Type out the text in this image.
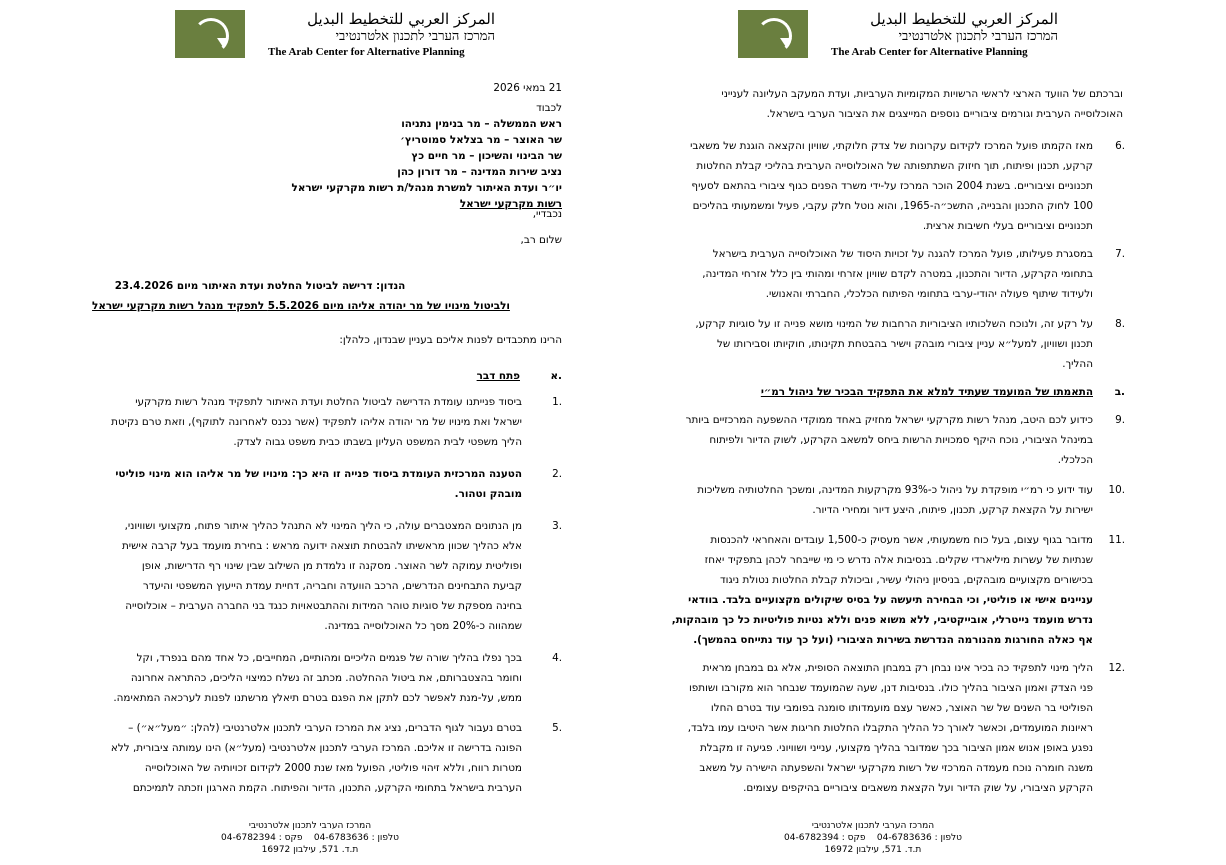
المركز العربي للتخطيط البديل
המרכז הערבי לתכנון אלטרנטיבי
The Arab Center for Alternative Planning
21 במאי 2026
לכבוד
ראש הממשלה – מר בנימין נתניהו
שר האוצר – מר בצלאל סמוטריץ׳
שר הבינוי והשיכון – מר חיים כץ
נציב שירות המדינה – מר דורון כהן
יו״ר ועדת האיתור למשרת מנהל/ת רשות מקרקעי ישראל
רשות מקרקעי ישראל
נכבדיי,
שלום רב,
הנדון: דרישה לביטול החלטת ועדת האיתור מיום 23.4.2026
ולביטול מינויו של מר יהודה אליהו מיום 5.5.2026 לתפקיד מנהל רשות מקרקעי ישראל
הרינו מתכבדים לפנות אליכם בעניין שבנדון, כלהלן:
א.
פתח דבר
1.
ביסוד פנייתנו עומדת הדרישה לביטול החלטת ועדת האיתור לתפקיד מנהל רשות מקרקעי
ישראל ואת מינויו של מר יהודה אליהו לתפקיד (אשר נכנס לאחרונה לתוקף), וזאת טרם נקיטת
הליך משפטי לבית המשפט העליון בשבתו כבית משפט גבוה לצדק.
2.
הטענה המרכזית העומדת ביסוד פנייה זו היא כך: מינויו של מר אליהו הוא מינוי פוליטי
מובהק וטהור.
3.
מן הנתונים המצטברים עולה, כי הליך המינוי לא התנהל כהליך איתור פתוח, מקצועי ושוויוני,
אלא כהליך שכוון מראשיתו להבטחת תוצאה ידועה מראש : בחירת מועמד בעל קרבה אישית
ופוליטית עמוקה לשר האוצר. מסקנה זו נלמדת מן השילוב שבין שינוי רף הדרישות, אופן
קביעת התבחינים הנדרשים, הרכב הוועדה וחבריה, דחיית עמדת הייעוץ המשפטי והיעדר
בחינה מספקת של סוגיות טוהר המידות וההתבטאויות כנגד בני החברה הערבית – אוכלוסייה
שמהווה כ-20% מסך כל האוכלוסייה במדינה.
4.
בכך נפלו בהליך שורה של פגמים הליכיים ומהותיים, המחייבים, כל אחד מהם בנפרד, וקל
וחומר בהצטברותם, את ביטול ההחלטה. מכתב זה נשלח כמיצוי הליכים, כהתראה אחרונה
ממש, על-מנת לאפשר לכם לתקן את הפגם בטרם תיאלץ מרשתנו לפנות לערכאה המתאימה.
5.
בטרם נעבור לגוף הדברים, נציג את המרכז הערבי לתכנון אלטרנטיבי (להלן: ״מעל״א״) –
הפונה בדרישה זו אליכם. המרכז הערבי לתכנון אלטרנטיבי (מעל״א) הינו עמותה ציבורית, ללא
מטרות רווח, וללא זיהוי פוליטי, הפועל מאז שנת 2000 לקידום זכויותיה של האוכלוסייה
הערבית בישראל בתחומי הקרקע, התכנון, הדיור והפיתוח. הקמת הארגון וזכתה לתמיכתם
המרכז הערבי לתכנון אלטרנטיבי
טלפון : 04-6783636    פקס : 04-6782394
ת.ד. 571, עילבון 16972
المركز العربي للتخطيط البديل
המרכז הערבי לתכנון אלטרנטיבי
The Arab Center for Alternative Planning
וברכתם של הוועד הארצי לראשי הרשויות המקומיות הערביות, ועדת המעקב העליונה לענייני
האוכלוסייה הערבית וגורמים ציבוריים נוספים המייצגים את הציבור הערבי בישראל.
6.
מאז הקמתו פועל המרכז לקידום עקרונות של צדק חלוקתי, שוויון והקצאה הוגנת של משאבי
קרקע, תכנון ופיתוח, תוך חיזוק השתתפותה של האוכלוסייה הערבית בהליכי קבלת החלטות
תכנוניים וציבוריים. בשנת 2004 הוכר המרכז על-ידי משרד הפנים כגוף ציבורי בהתאם לסעיף
100 לחוק התכנון והבנייה, התשכ״ה-1965, והוא נוטל חלק עקבי, פעיל ומשמעותי בהליכים
תכנוניים וציבוריים בעלי חשיבות ארצית.
7.
במסגרת פעילותו, פועל המרכז להגנה על זכויות היסוד של האוכלוסייה הערבית בישראל
בתחומי הקרקע, הדיור והתכנון, במטרה לקדם שוויון אזרחי ומהותי בין כלל אזרחי המדינה,
ולעידוד שיתוף פעולה יהודי-ערבי בתחומי הפיתוח הכלכלי, החברתי והאנושי.
8.
על רקע זה, ולנוכח השלכותיו הציבוריות הרחבות של המינוי מושא פנייה זו על סוגיות קרקע,
תכנון ושוויון, למעל״א עניין ציבורי מובהק וישיר בהבטחת תקינותו, חוקיותו וסבירותו של
ההליך.
ב.
התאמתו של המועמד שעתיד למלא את התפקיד הבכיר של ניהול רמ״י
9.
כידוע לכם היטב, מנהל רשות מקרקעי ישראל מחזיק באחד ממוקדי ההשפעה המרכזיים ביותר
במינהל הציבורי, נוכח היקף סמכויות הרשות ביחס למשאב הקרקע, לשוק הדיור ולפיתוח
הכלכלי.
10.
עוד ידוע כי רמ״י מופקדת על ניהול כ-93% מקרקעות המדינה, ומשכך החלטותיה משליכות
ישירות על הקצאת קרקע, תכנון, פיתוח, היצע דיור ומחירי הדיור.
11.
מדובר בגוף עצום, בעל כוח משמעותי, אשר מעסיק כ-1,500 עובדים והאחראי להכנסות
שנתיות של עשרות מיליארדי שקלים. בנסיבות אלה נדרש כי מי שייבחר לכהן בתפקיד יאחז
בכישורים מקצועיים מובהקים, בניסיון ניהולי עשיר, וביכולת קבלת החלטות נטולת ניגוד
עניינים אישי או פוליטי, וכי הבחירה תיעשה על בסיס שיקולים מקצועיים בלבד. בוודאי
נדרש מועמד נייטרלי, אובייקטיבי, ללא משוא פנים וללא נטיות פוליטיות כל כך מובהקות,
אף כאלה החורגות מהנורמה הנדרשת בשירות הציבורי (ועל כך עוד נתייחס בהמשך).
12.
הליך מינוי לתפקיד כה בכיר אינו נבחן רק במבחן התוצאה הסופית, אלא גם במבחן מראית
פני הצדק ואמון הציבור בהליך כולו. בנסיבות דנן, שעה שהמועמד שנבחר הוא מקורבו ושותפו
הפוליטי בר השנים של שר האוצר, כאשר עצם מועמדותו סומנה בפומבי עוד בטרם החלו
ראיונות המועמדים, וכאשר לאורך כל ההליך התקבלו החלטות חריגות אשר היטיבו עמו בלבד,
נפגע באופן אנוש אמון הציבור בכך שמדובר בהליך מקצועי, ענייני ושוויוני. פגיעה זו מקבלת
משנה חומרה נוכח מעמדה המרכזי של רשות מקרקעי ישראל והשפעתה הישירה על משאב
הקרקע הציבורי, על שוק הדיור ועל הקצאת משאבים ציבוריים בהיקפים עצומים.
המרכז הערבי לתכנון אלטרנטיבי
טלפון : 04-6783636    פקס : 04-6782394
ת.ד. 571, עילבון 16972
